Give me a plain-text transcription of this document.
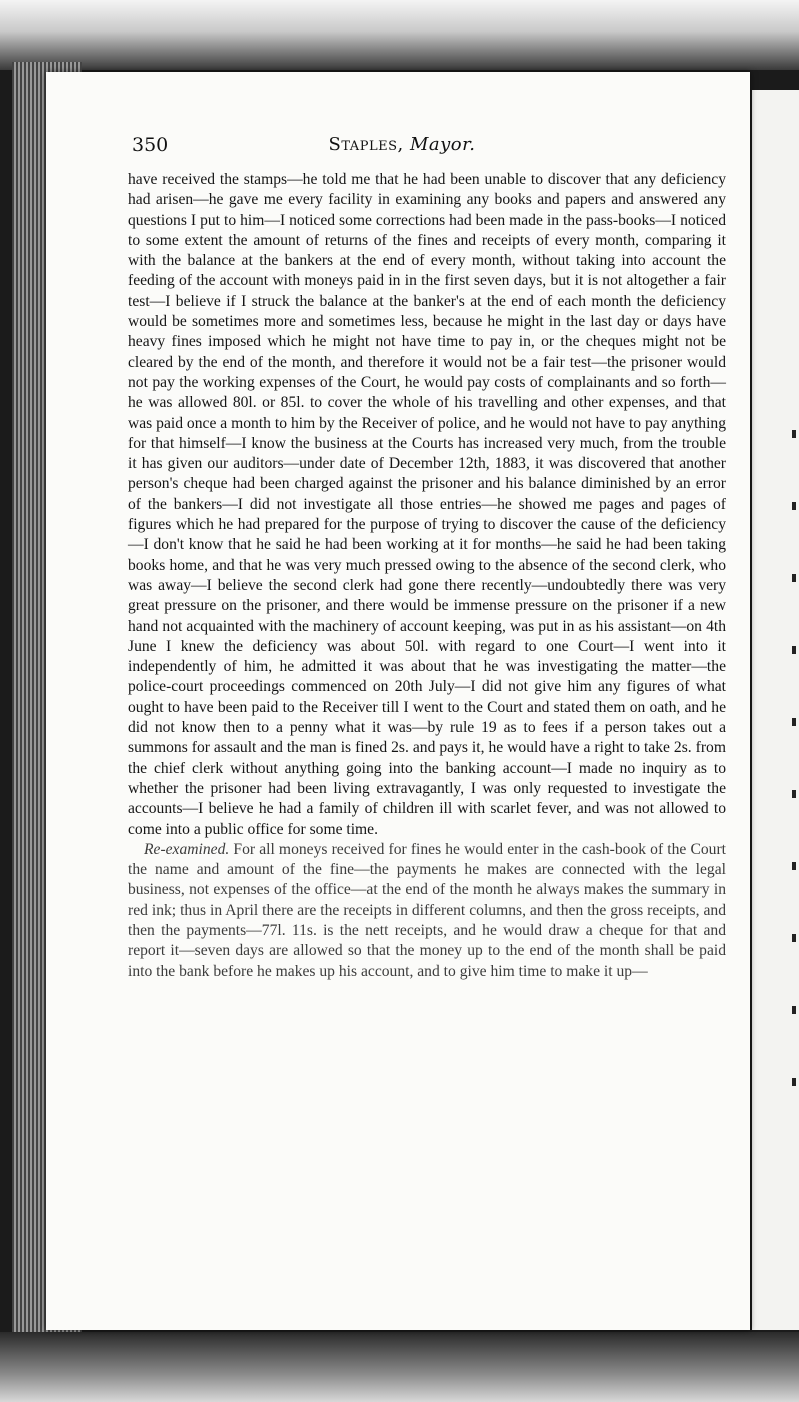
350	Staples, Mayor.

have received the stamps—he told me that he had been unable to discover that any deficiency had arisen—he gave me every facility in examining any books and papers and answered any questions I put to him—I noticed some corrections had been made in the pass-books—I noticed to some extent the amount of returns of the fines and receipts of every month, comparing it with the balance at the bankers at the end of every month, without taking into account the feeding of the account with moneys paid in in the first seven days, but it is not altogether a fair test—I believe if I struck the balance at the banker's at the end of each month the deficiency would be sometimes more and sometimes less, because he might in the last day or days have heavy fines imposed which he might not have time to pay in, or the cheques might not be cleared by the end of the month, and therefore it would not be a fair test—the prisoner would not pay the working expenses of the Court, he would pay costs of complainants and so forth—he was allowed 80l. or 85l. to cover the whole of his travelling and other expenses, and that was paid once a month to him by the Receiver of police, and he would not have to pay anything for that himself—I know the business at the Courts has increased very much, from the trouble it has given our auditors—under date of December 12th, 1883, it was discovered that another person's cheque had been charged against the prisoner and his balance diminished by an error of the bankers—I did not investigate all those entries—he showed me pages and pages of figures which he had prepared for the purpose of trying to discover the cause of the deficiency—I don't know that he said he had been working at it for months—he said he had been taking books home, and that he was very much pressed owing to the absence of the second clerk, who was away—I believe the second clerk had gone there recently—undoubtedly there was very great pressure on the prisoner, and there would be immense pressure on the prisoner if a new hand not acquainted with the machinery of account keeping, was put in as his assistant—on 4th June I knew the deficiency was about 50l. with regard to one Court—I went into it independently of him, he admitted it was about that he was investigating the matter—the police-court proceedings commenced on 20th July—I did not give him any figures of what ought to have been paid to the Receiver till I went to the Court and stated them on oath, and he did not know then to a penny what it was—by rule 19 as to fees if a person takes out a summons for assault and the man is fined 2s. and pays it, he would have a right to take 2s. from the chief clerk without anything going into the banking account—I made no inquiry as to whether the prisoner had been living extravagantly, I was only requested to investigate the accounts—I believe he had a family of children ill with scarlet fever, and was not allowed to come into a public office for some time.

Re-examined. For all moneys received for fines he would enter in the cash-book of the Court the name and amount of the fine—the payments he makes are connected with the legal business, not expenses of the office—at the end of the month he always makes the summary in red ink; thus in April there are the receipts in different columns, and then the gross receipts, and then the payments—77l. 11s. is the nett receipts, and he would draw a cheque for that and report it—seven days are allowed so that the money up to the end of the month shall be paid into the bank before he makes up his account, and to give him time to make it up—
